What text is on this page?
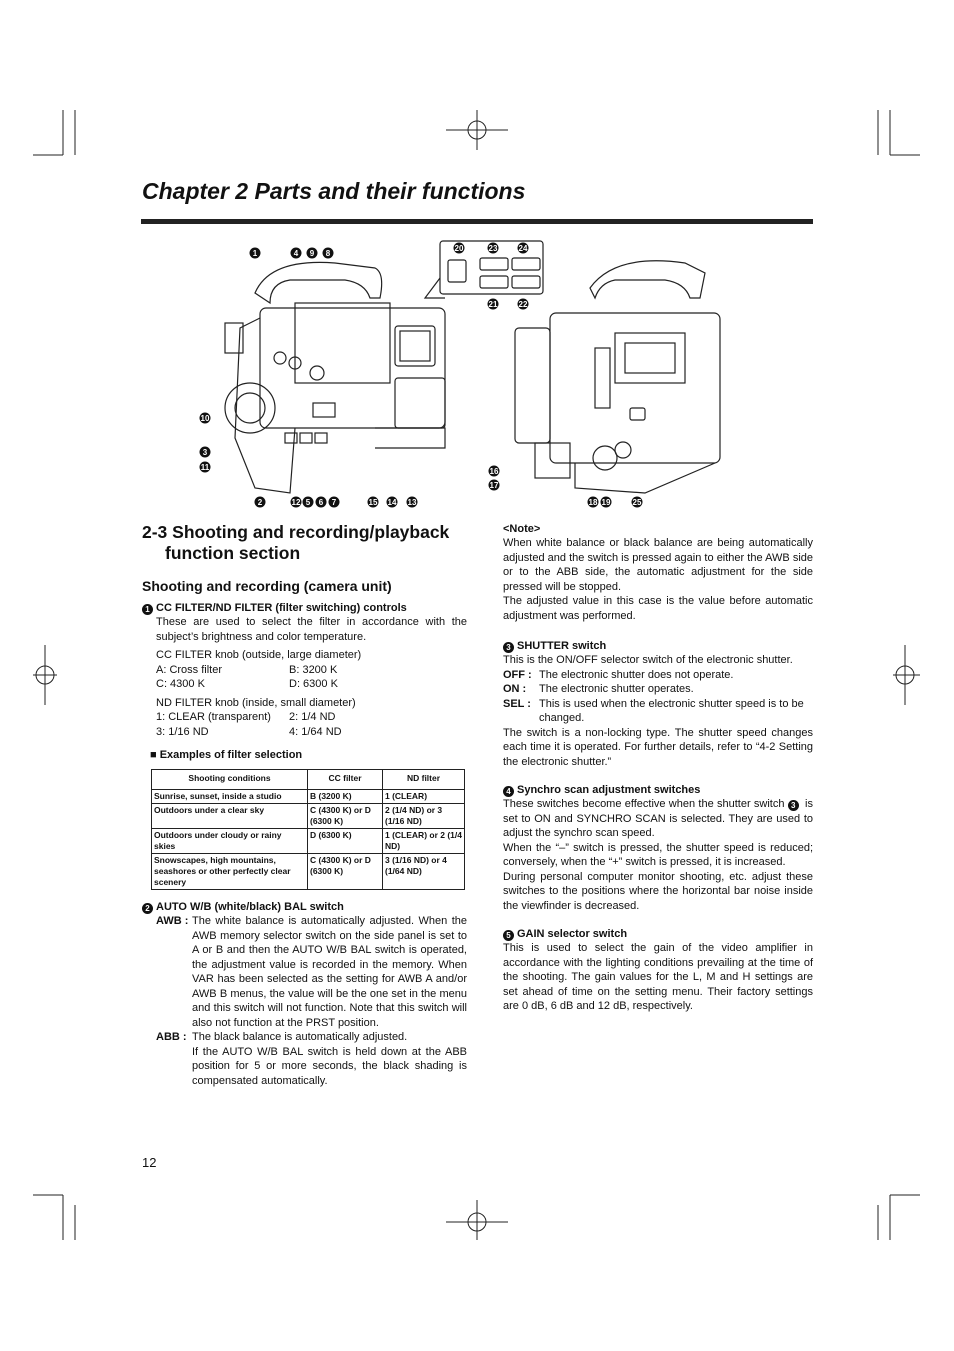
Chapter 2 Parts and their functions
1	4 9 8
10
3
11
2	12 5 6 7	15 14 13
20	23	24
21	22
16
17
18 19	25
2-3 Shooting and recording/playback
function section
Shooting and recording (camera unit)

1 CC FILTER/ND FILTER (filter switching) controls

These are used to select the filter in accordance with the subject’s brightness and color temperature.

CC FILTER knob (outside, large diameter)

A: Cross filter	B: 3200 K
C: 4300 K	D: 6300 K

ND FILTER knob (inside, small diameter)

1: CLEAR (transparent)	2: 1/4 ND
3: 1/16 ND	4: 1/64 ND
■ Examples of filter selection
Shooting conditions	CC filter	ND filter
Sunrise, sunset, inside a studio	B (3200 K)	1 (CLEAR)
Outdoors under a clear sky	C (4300 K) or D (6300 K)	2 (1/4 ND) or 3 (1/16 ND)
Outdoors under cloudy or rainy skies	D (6300 K)	1 (CLEAR) or 2 (1/4 ND)
Snowscapes, high mountains, seashores or other perfectly clear scenery	C (4300 K) or D (6300 K)	3 (1/16 ND) or 4 (1/64 ND)

2 AUTO W/B (white/black) BAL switch

AWB : The white balance is automatically adjusted. When the AWB memory selector switch on the side panel is set to A or B and then the AUTO W/B BAL switch is operated, the adjustment value is recorded in the memory. When VAR has been selected as the setting for AWB A and/or AWB B menus, the value will be the one set in the menu and this switch will not function. Note that this switch will also not function at the PRST position.
ABB : The black balance is automatically adjusted.
If the AUTO W/B BAL switch is held down at the ABB position for 5 or more seconds, the black shading is compensated automatically.

<Note>

When white balance or black balance are being automatically adjusted and the switch is pressed again to either the AWB side or to the ABB side, the automatic adjustment for the side pressed will be stopped.

The adjusted value in this case is the value before automatic adjustment was performed.

3 SHUTTER switch

This is the ON/OFF selector switch of the electronic shutter.

OFF : The electronic shutter does not operate.
ON :	The electronic shutter operates.
SEL : This is used when the electronic shutter speed is to be changed.

The switch is a non-locking type. The shutter speed changes each time it is operated. For further details, refer to “4-2 Setting the electronic shutter.”

4 Synchro scan adjustment switches

These switches become effective when the shutter switch 3 is set to ON and SYNCHRO SCAN is selected. They are used to adjust the synchro scan speed.

When the “–” switch is pressed, the shutter speed is reduced; conversely, when the “+” switch is pressed, it is increased.

During personal computer monitor shooting, etc. adjust these switches to the positions where the horizontal bar noise inside the viewfinder is decreased.

5 GAIN selector switch

This is used to select the gain of the video amplifier in accordance with the lighting conditions prevailing at the time of the shooting. The gain values for the L, M and H settings are set ahead of time on the setting menu. Their factory settings are 0 dB, 6 dB and 12 dB, respectively.

12
